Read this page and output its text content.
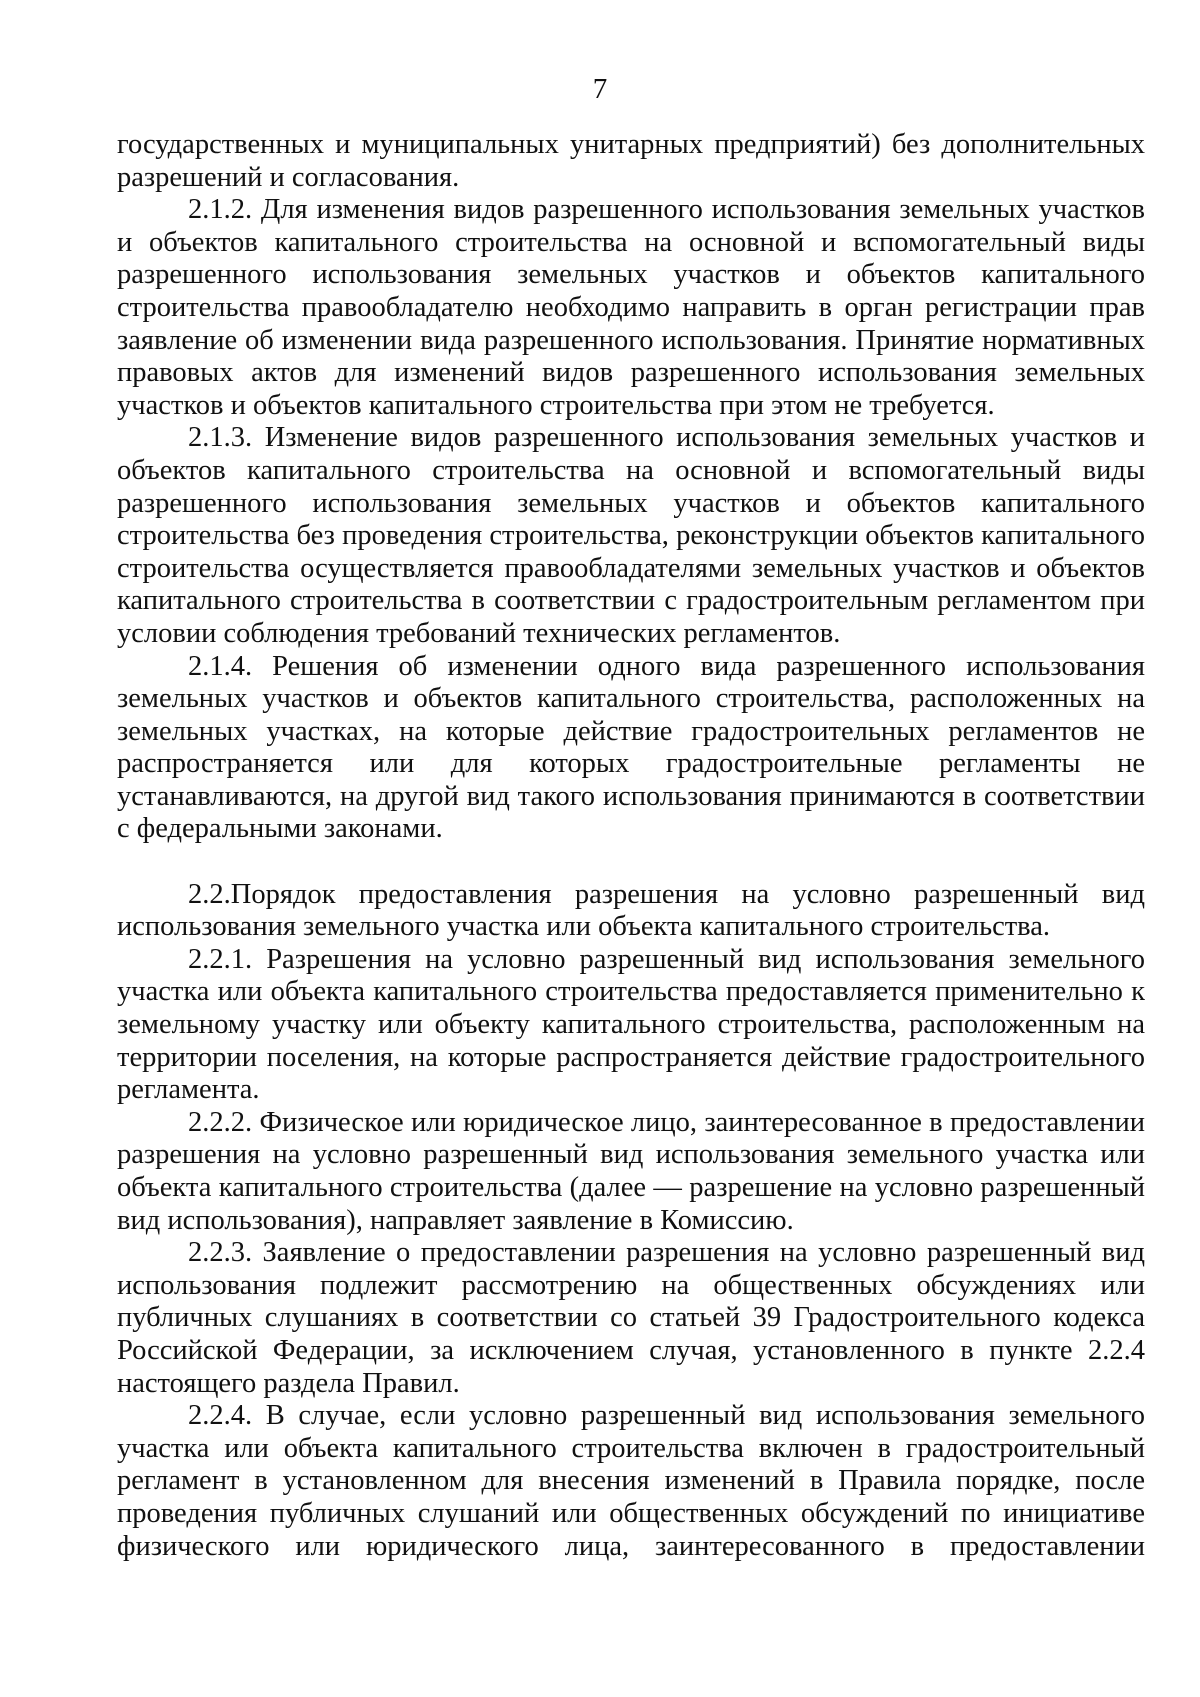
7

государственных и муниципальных унитарных предприятий) без дополнительных разрешений и согласования.

2.1.2. Для изменения видов разрешенного использования земельных участков и объектов капитального строительства на основной и вспомогательный виды разрешенного использования земельных участков и объектов капитального строительства правообладателю необходимо направить в орган регистрации прав заявление об изменении вида разрешенного использования. Принятие нормативных правовых актов для изменений видов разрешенного использования земельных участков и объектов капитального строительства при этом не требуется.

2.1.3. Изменение видов разрешенного использования земельных участков и объектов капитального строительства на основной и вспомогательный виды разрешенного использования земельных участков и объектов капитального строительства без проведения строительства, реконструкции объектов капитального строительства осуществляется правообладателями земельных участков и объектов капитального строительства в соответствии с градостроительным регламентом при условии соблюдения требований технических регламентов.

2.1.4. Решения об изменении одного вида разрешенного использования земельных участков и объектов капитального строительства, расположенных на земельных участках, на которые действие градостроительных регламентов не распространяется или для которых градостроительные регламенты не устанавливаются, на другой вид такого использования принимаются в соответствии с федеральными законами.

2.2.Порядок предоставления разрешения на условно разрешенный вид использования земельного участка или объекта капитального строительства.

2.2.1. Разрешения на условно разрешенный вид использования земельного участка или объекта капитального строительства предоставляется применительно к земельному участку или объекту капитального строительства, расположенным на территории поселения, на которые распространяется действие градостроительного регламента.

2.2.2. Физическое или юридическое лицо, заинтересованное в предоставлении разрешения на условно разрешенный вид использования земельного участка или объекта капитального строительства (далее — разрешение на условно разрешенный вид использования), направляет заявление в Комиссию.

2.2.3. Заявление о предоставлении разрешения на условно разрешенный вид использования подлежит рассмотрению на общественных обсуждениях или публичных слушаниях в соответствии со статьей 39 Градостроительного кодекса Российской Федерации, за исключением случая, установленного в пункте 2.2.4 настоящего раздела Правил.

2.2.4. В случае, если условно разрешенный вид использования земельного участка или объекта капитального строительства включен в градостроительный регламент в установленном для внесения изменений в Правила порядке, после проведения публичных слушаний или общественных обсуждений по инициативе физического или юридического лица, заинтересованного в предоставлении
